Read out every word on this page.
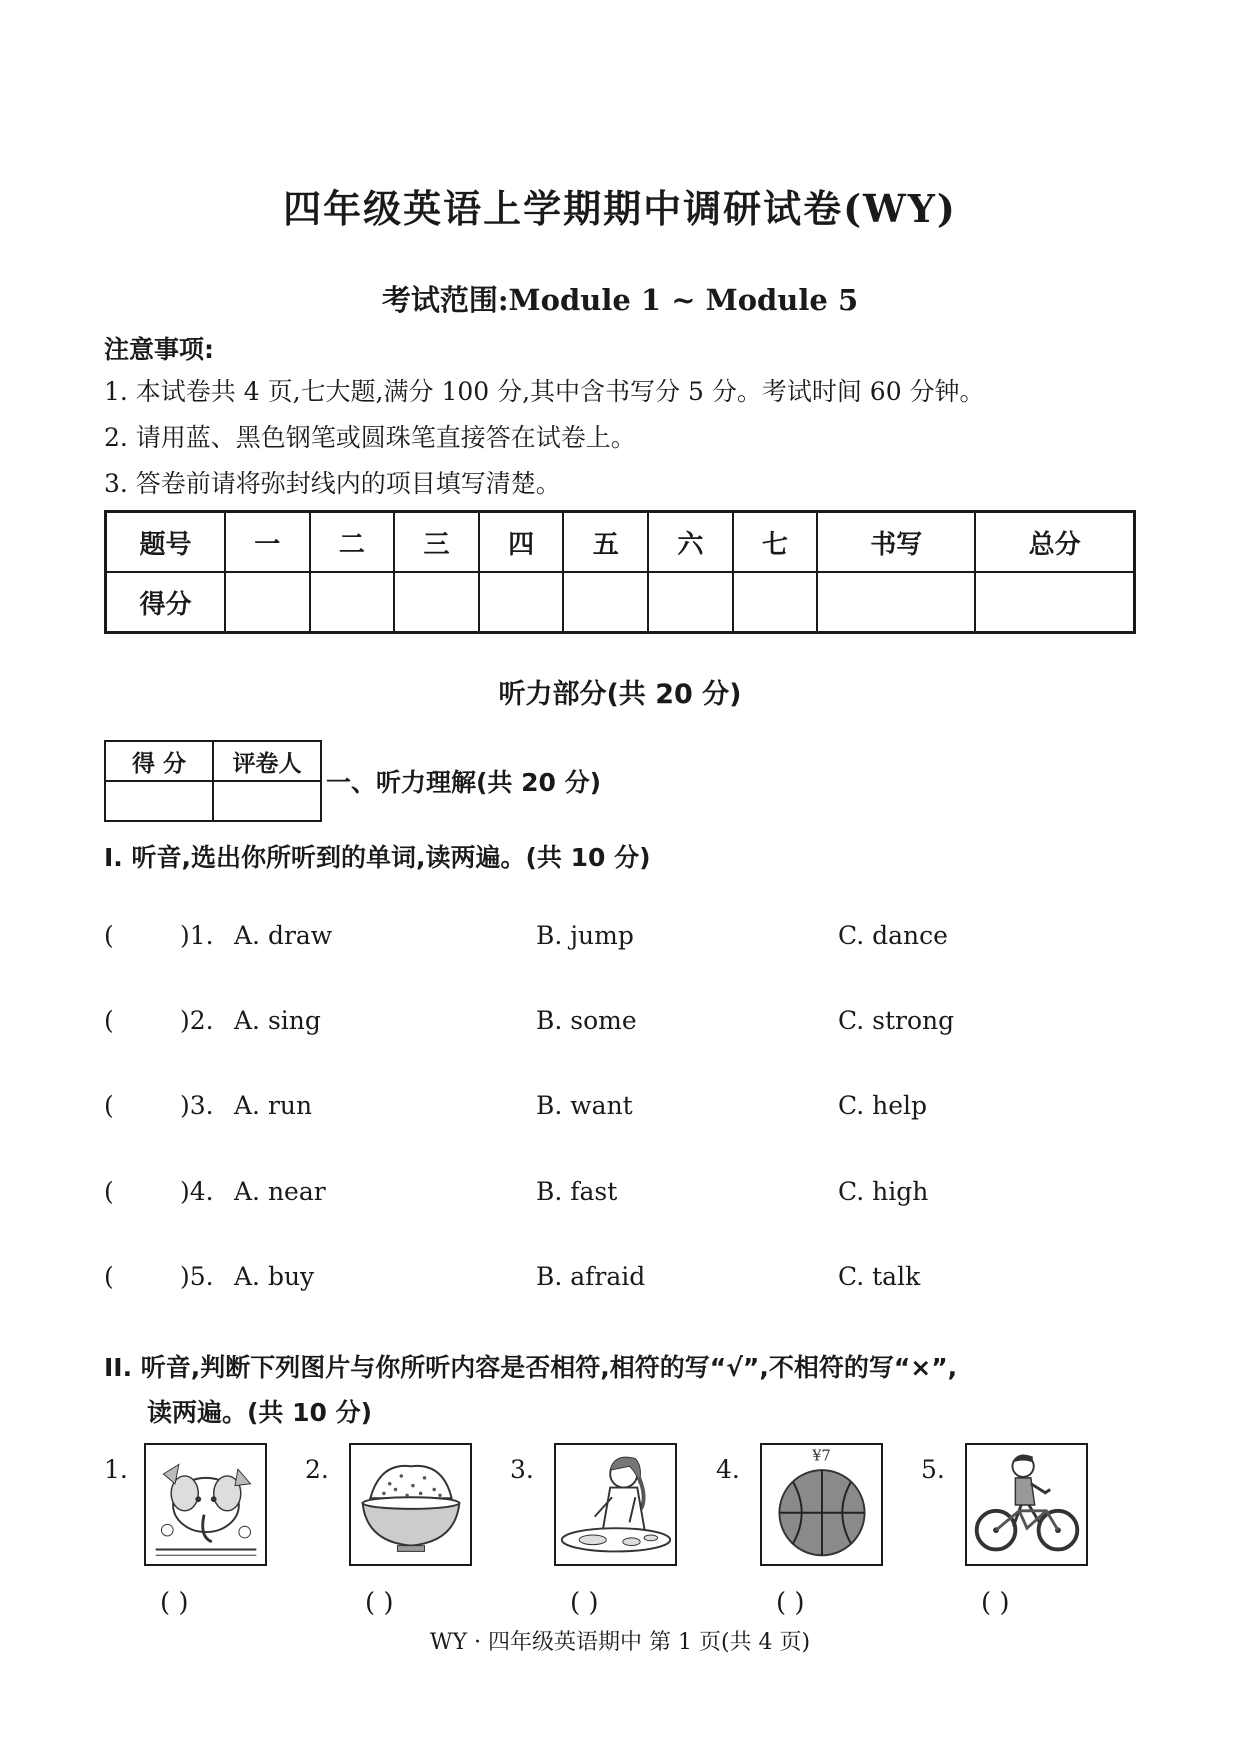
四年级英语上学期期中调研试卷(WY)
考试范围:Module 1 ~ Module 5
注意事项:
1. 本试卷共 4 页,七大题,满分 100 分,其中含书写分 5 分。考试时间 60 分钟。
2. 请用蓝、黑色钢笔或圆珠笔直接答在试卷上。
3. 答卷前请将弥封线内的项目填写清楚。
题号	一	二	三	四	五	六	七	书写	总分
得分									
听力部分(共 20 分)
得 分	评卷人

一、听力理解(共 20 分)
I. 听音,选出你所听到的单词,读两遍。(共 10 分)
(	)1. A. draw	B. jump	C. dance
(	)2. A. sing	B. some	C. strong
(	)3. A. run	B. want	C. help
(	)4. A. near	B. fast	C. high
(	)5. A. buy	B. afraid	C. talk
II. 听音,判断下列图片与你所听内容是否相符,相符的写“√”,不相符的写“×”,
读两遍。(共 10 分)
1.
( )
2.
( )
3.
( )
4.	¥7
( )
5.
( )
WY · 四年级英语期中 第 1 页(共 4 页)
